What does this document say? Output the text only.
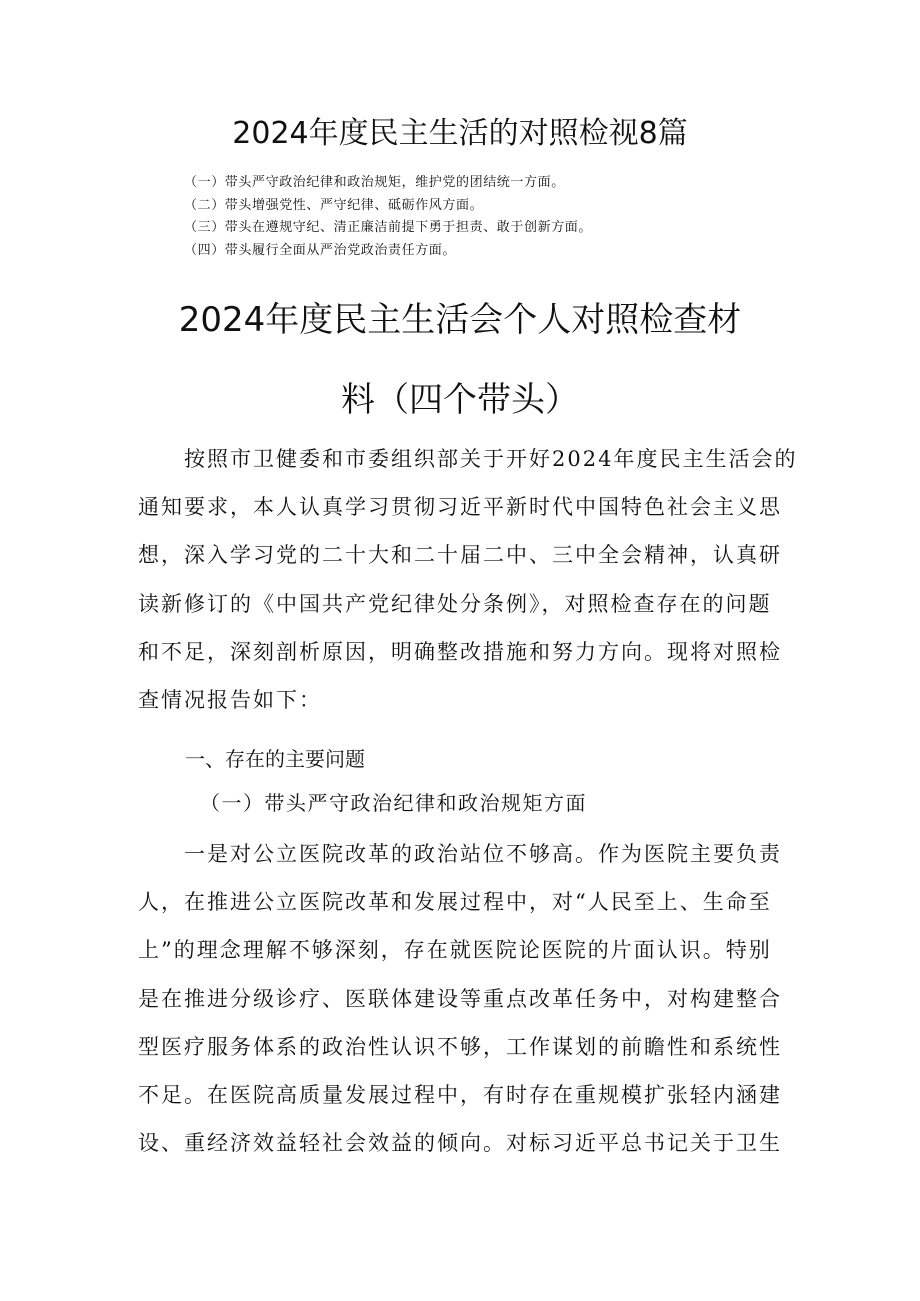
2024年度民主生活的对照检视8篇
（一）带头严守政治纪律和政治规矩，维护党的团结统一方面。
（二）带头增强党性、严守纪律、砥砺作风方面。
（三）带头在遵规守纪、清正廉洁前提下勇于担责、敢于创新方面。
（四）带头履行全面从严治党政治责任方面。
2024年度民主生活会个人对照检查材
料（四个带头）
　　按照市卫健委和市委组织部关于开好2024年度民主生活会的
通知要求，本人认真学习贯彻习近平新时代中国特色社会主义思
想，深入学习党的二十大和二十届二中、三中全会精神，认真研
读新修订的《中国共产党纪律处分条例》，对照检查存在的问题
和不足，深刻剖析原因，明确整改措施和努力方向。现将对照检
查情况报告如下：
一、存在的主要问题
（一）带头严守政治纪律和政治规矩方面
　　一是对公立医院改革的政治站位不够高。作为医院主要负责
人，在推进公立医院改革和发展过程中，对“人民至上、生命至
上”的理念理解不够深刻，存在就医院论医院的片面认识。特别
是在推进分级诊疗、医联体建设等重点改革任务中，对构建整合
型医疗服务体系的政治性认识不够，工作谋划的前瞻性和系统性
不足。在医院高质量发展过程中，有时存在重规模扩张轻内涵建
设、重经济效益轻社会效益的倾向。对标习近平总书记关于卫生
